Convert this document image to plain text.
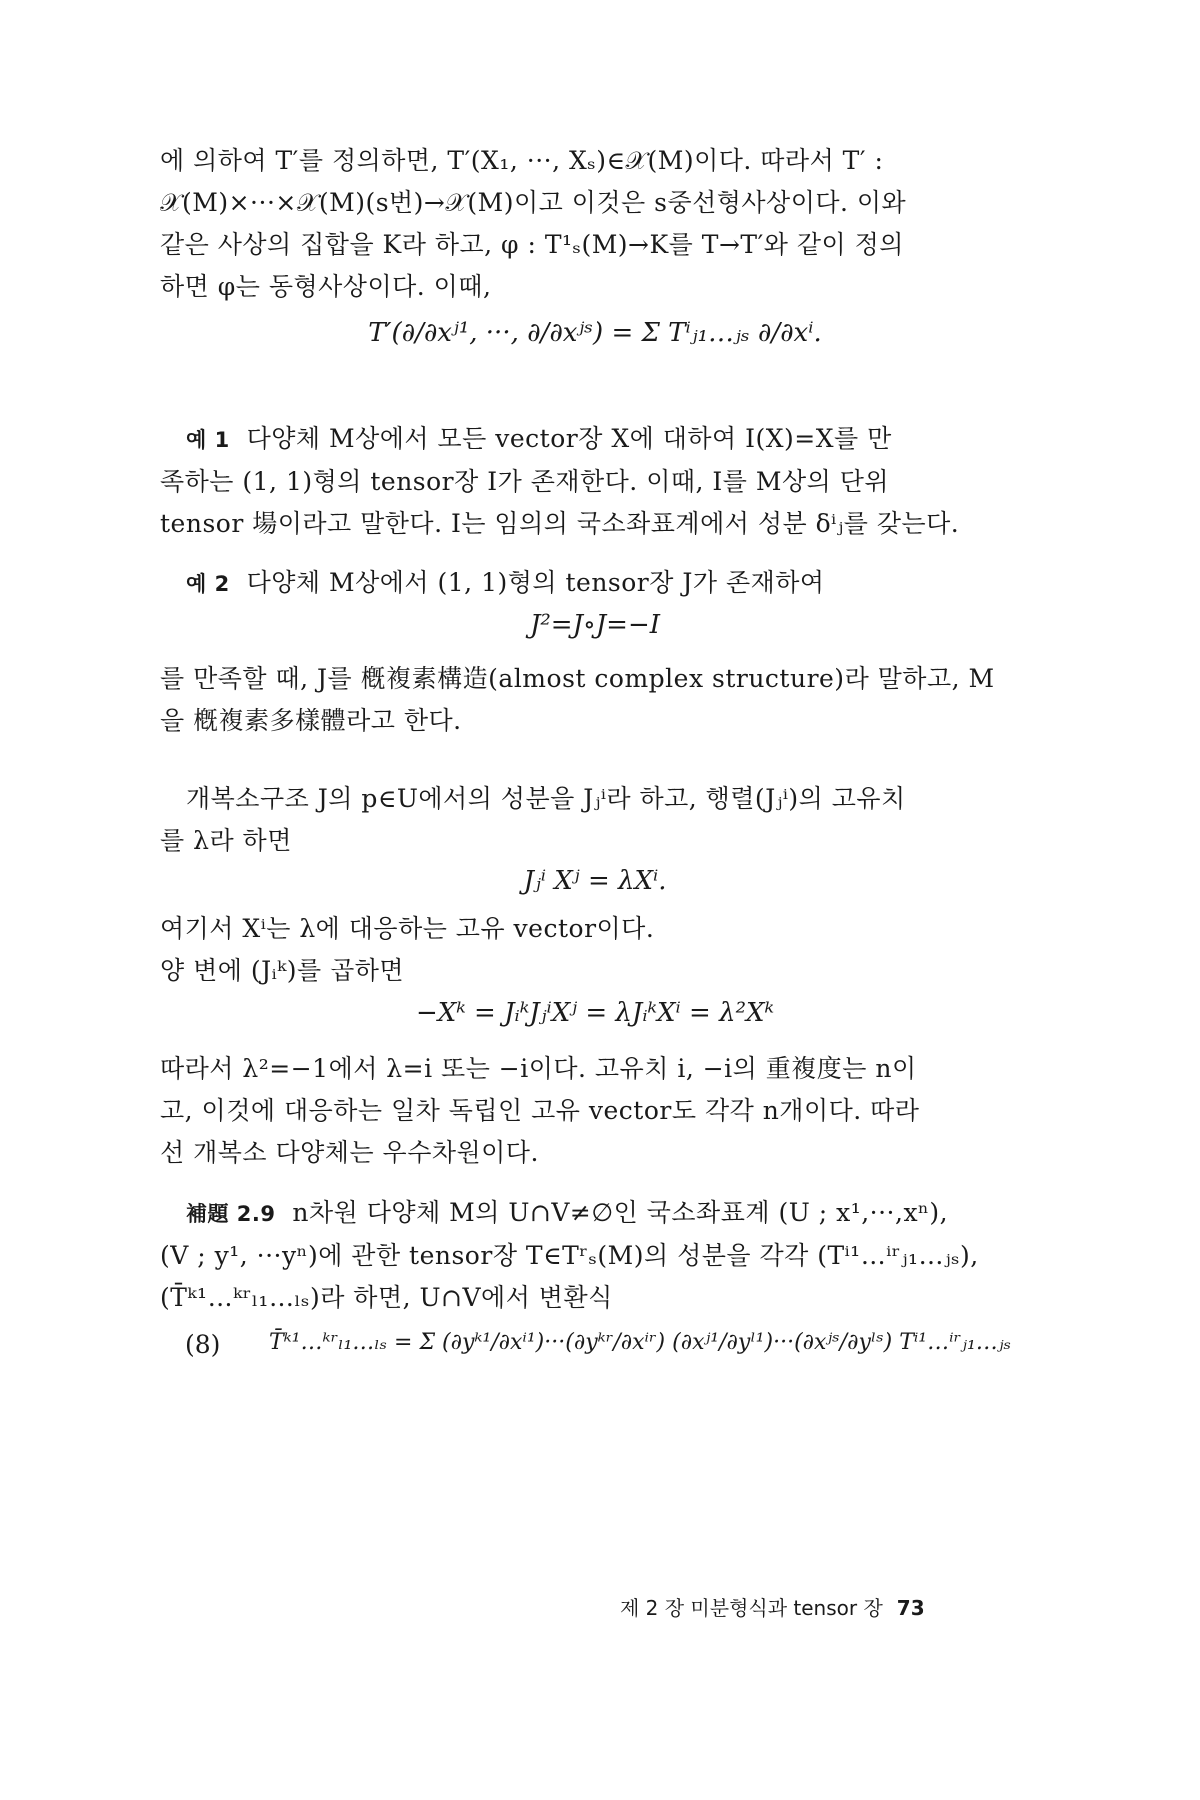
에 의하여 T′를 정의하면, T′(X₁, ···, Xₛ)∈𝒳(M)이다. 따라서 T′ :
𝒳(M)×···×𝒳(M)(s번)→𝒳(M)이고 이것은 s중선형사상이다. 이와
같은 사상의 집합을 K라 하고, φ : T¹ₛ(M)→K를 T→T′와 같이 정의
하면 φ는 동형사상이다. 이때,
T′(∂/∂xʲ¹, ···, ∂/∂xʲˢ) = Σ Tⁱⱼ₁…ⱼₛ ∂/∂xⁱ.
예 1 다양체 M상에서 모든 vector장 X에 대하여 I(X)=X를 만
족하는 (1, 1)형의 tensor장 I가 존재한다. 이때, I를 M상의 단위
tensor 場이라고 말한다. I는 임의의 국소좌표계에서 성분 δⁱⱼ를 갖는다.
예 2 다양체 M상에서 (1, 1)형의 tensor장 J가 존재하여
J²=J∘J=−I
를 만족할 때, J를 槪複素構造(almost complex structure)라 말하고, M
을 槪複素多樣體라고 한다.
개복소구조 J의 p∈U에서의 성분을 Jⱼⁱ라 하고, 행렬(Jⱼⁱ)의 고유치
를 λ라 하면
Jⱼⁱ Xʲ = λXⁱ.
여기서 Xⁱ는 λ에 대응하는 고유 vector이다.
양 변에 (Jᵢᵏ)를 곱하면
−Xᵏ = JᵢᵏJⱼⁱXʲ = λJᵢᵏXⁱ = λ²Xᵏ
따라서 λ²=−1에서 λ=i 또는 −i이다. 고유치 i, −i의 重複度는 n이
고, 이것에 대응하는 일차 독립인 고유 vector도 각각 n개이다. 따라
선 개복소 다양체는 우수차원이다.
補題 2.9 n차원 다양체 M의 U∩V≠∅인 국소좌표계 (U ; x¹,···,xⁿ),
(V ; y¹, ···yⁿ)에 관한 tensor장 T∈Tʳₛ(M)의 성분을 각각 (Tⁱ¹…ⁱʳⱼ₁…ⱼₛ),
(T̄ᵏ¹…ᵏʳₗ₁…ₗₛ)라 하면, U∩V에서 변환식
(8)	T̄ᵏ¹…ᵏʳₗ₁…ₗₛ = Σ (∂yᵏ¹/∂xⁱ¹)···(∂yᵏʳ/∂xⁱʳ) (∂xʲ¹/∂yˡ¹)···(∂xʲˢ/∂yˡˢ) Tⁱ¹…ⁱʳⱼ₁…ⱼₛ
제 2 장 미분형식과 tensor 장 73
